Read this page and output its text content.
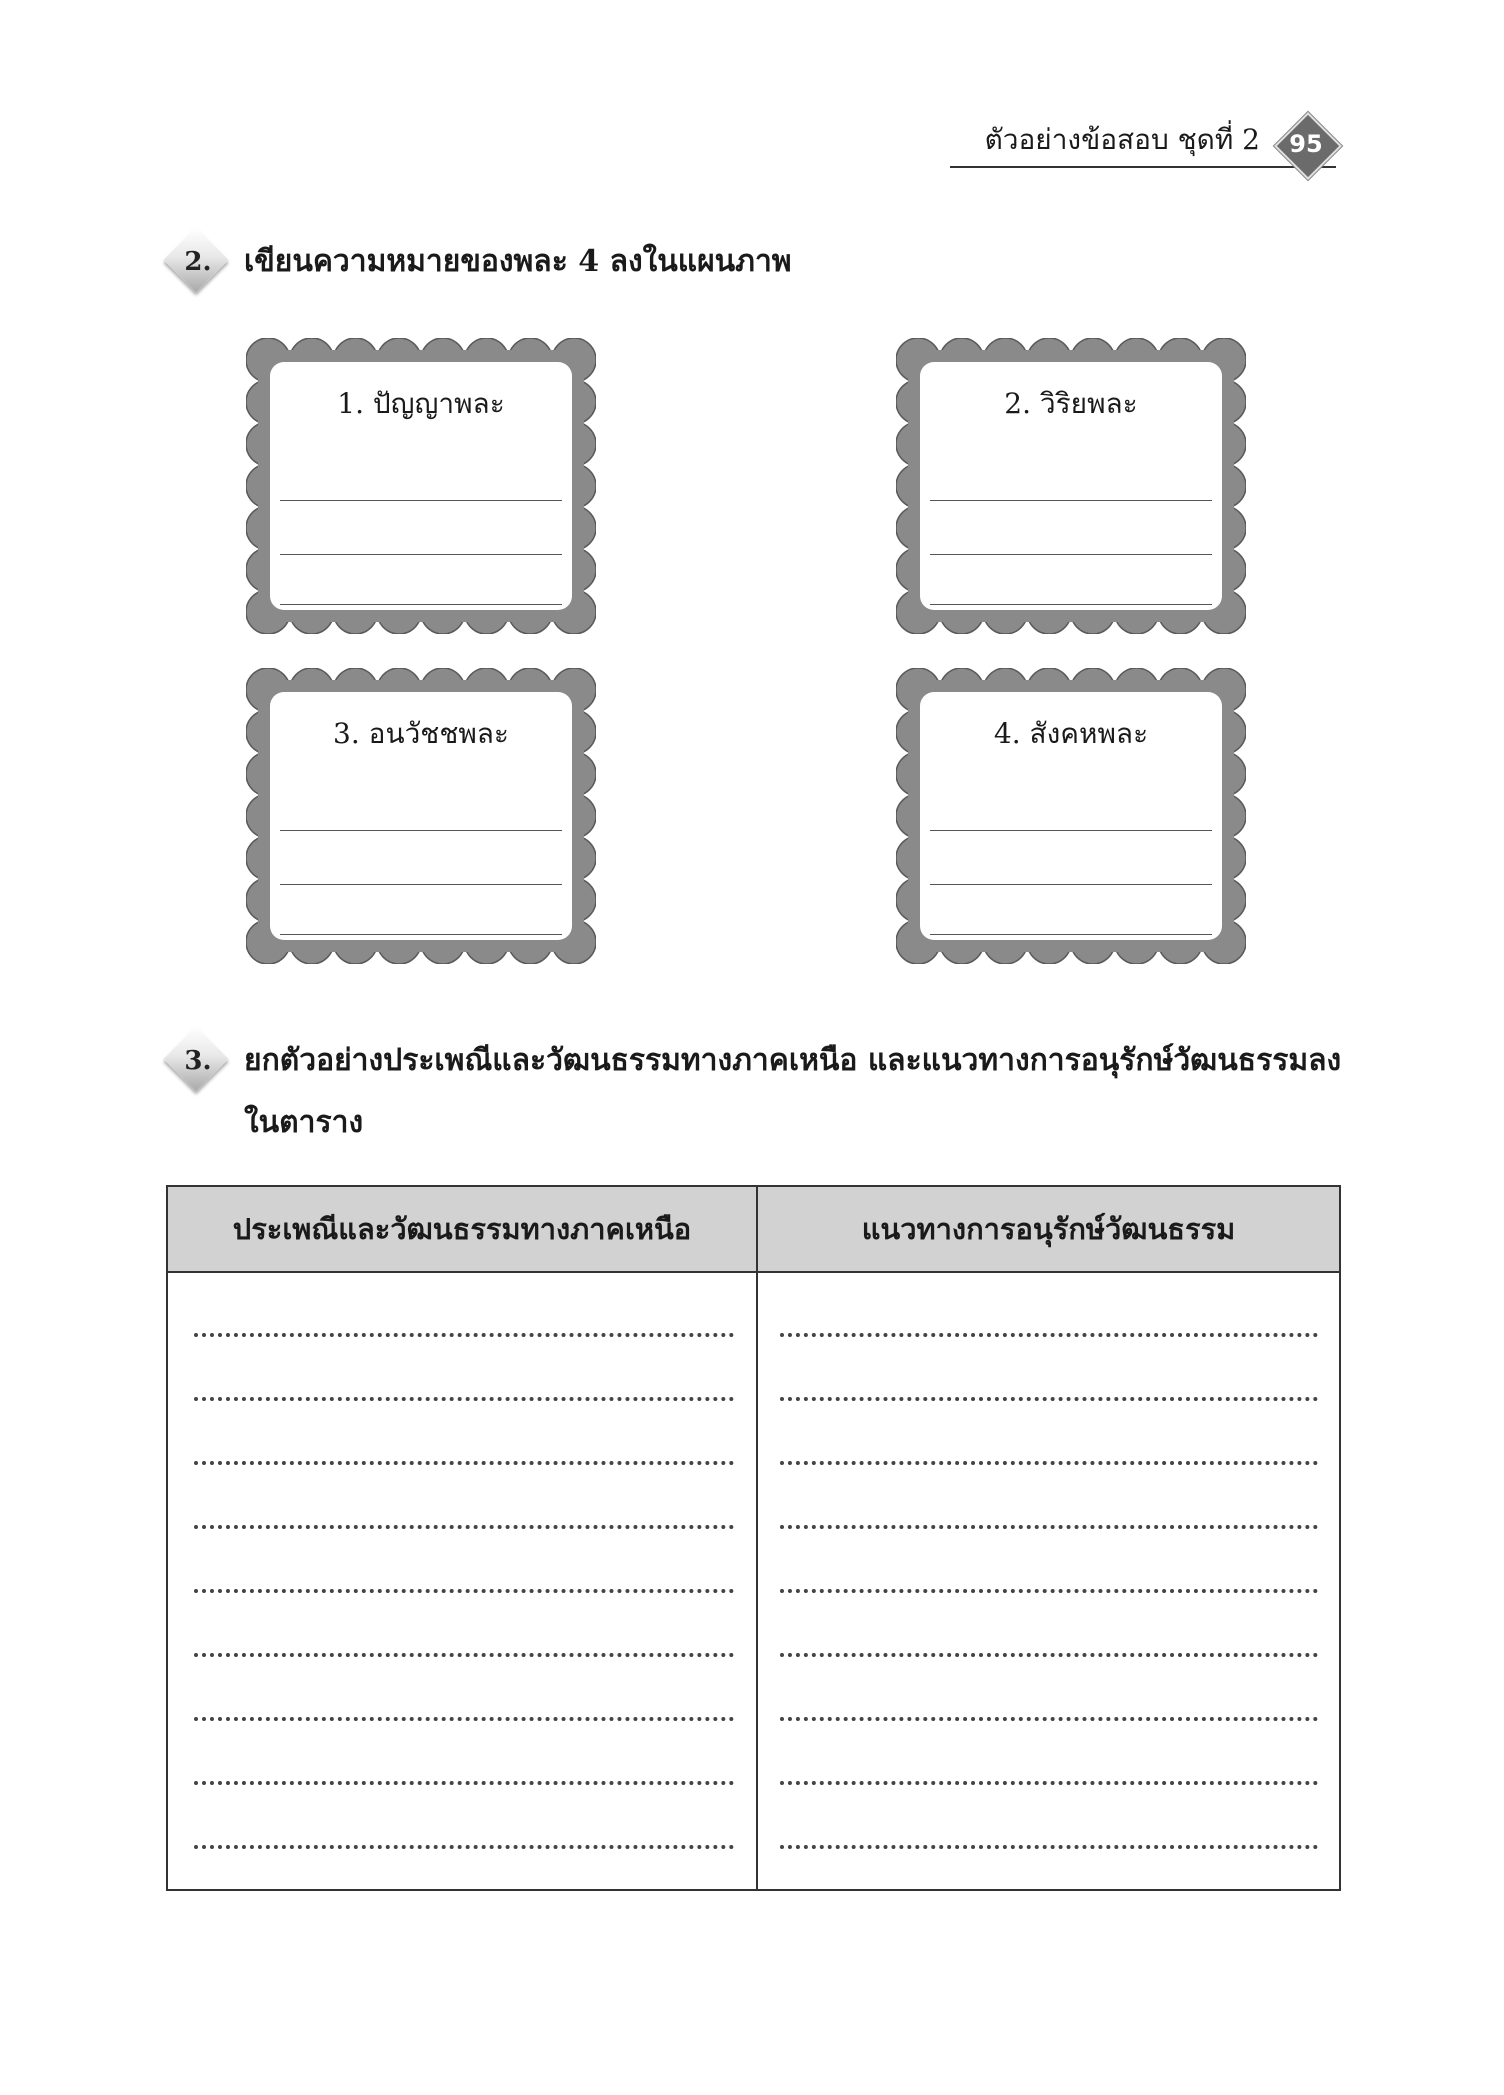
ตัวอย่างข้อสอบ ชุดที่ 2	95
2.	เขียนความหมายของพละ 4 ลงในแผนภาพ
1. ปัญญาพละ	2. วิริยพละ
3. อนวัชชพละ	4. สังคหพละ
3.	ยกตัวอย่างประเพณีและวัฒนธรรมทางภาคเหนือ และแนวทางการอนุรักษ์วัฒนธรรมลง
ในตาราง
ประเพณีและวัฒนธรรมทางภาคเหนือ	แนวทางการอนุรักษ์วัฒนธรรม
